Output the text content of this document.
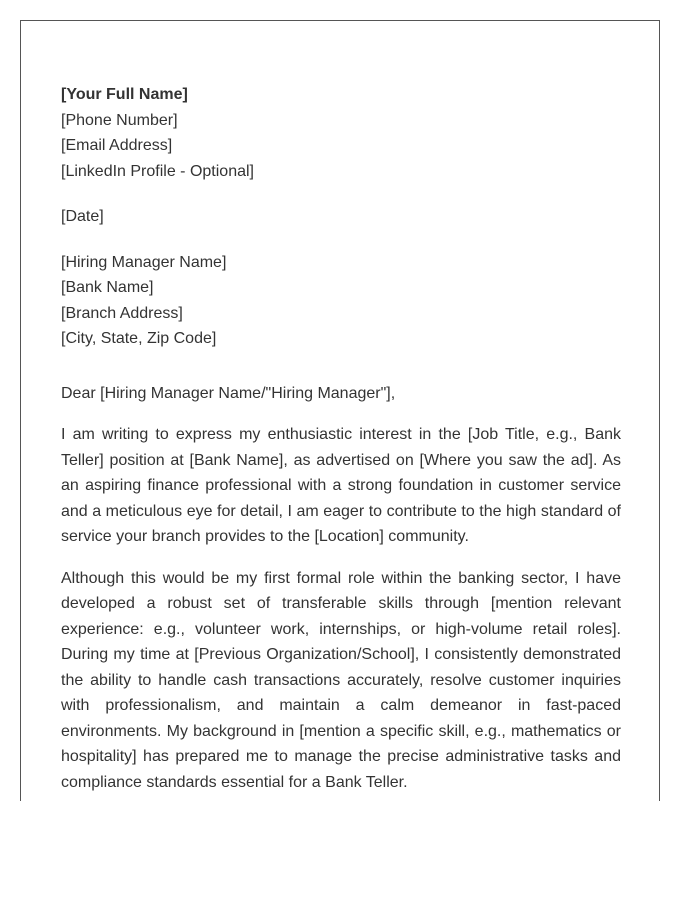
[Your Full Name]
[Phone Number]
[Email Address]
[LinkedIn Profile - Optional]
[Date]
[Hiring Manager Name]
[Bank Name]
[Branch Address]
[City, State, Zip Code]
Dear [Hiring Manager Name/"Hiring Manager"],

I am writing to express my enthusiastic interest in the [Job Title, e.g., Bank Teller] position at [Bank Name], as advertised on [Where you saw the ad]. As an aspiring finance professional with a strong foundation in customer service and a meticulous eye for detail, I am eager to contribute to the high standard of service your branch provides to the [Location] community.

Although this would be my first formal role within the banking sector, I have developed a robust set of transferable skills through [mention relevant experience: e.g., volunteer work, internships, or high-volume retail roles]. During my time at [Previous Organization/School], I consistently demonstrated the ability to handle cash transactions accurately, resolve customer inquiries with professionalism, and maintain a calm demeanor in fast-paced environments. My background in [mention a specific skill, e.g., mathematics or hospitality] has prepared me to manage the precise administrative tasks and compliance standards essential for a Bank Teller.
